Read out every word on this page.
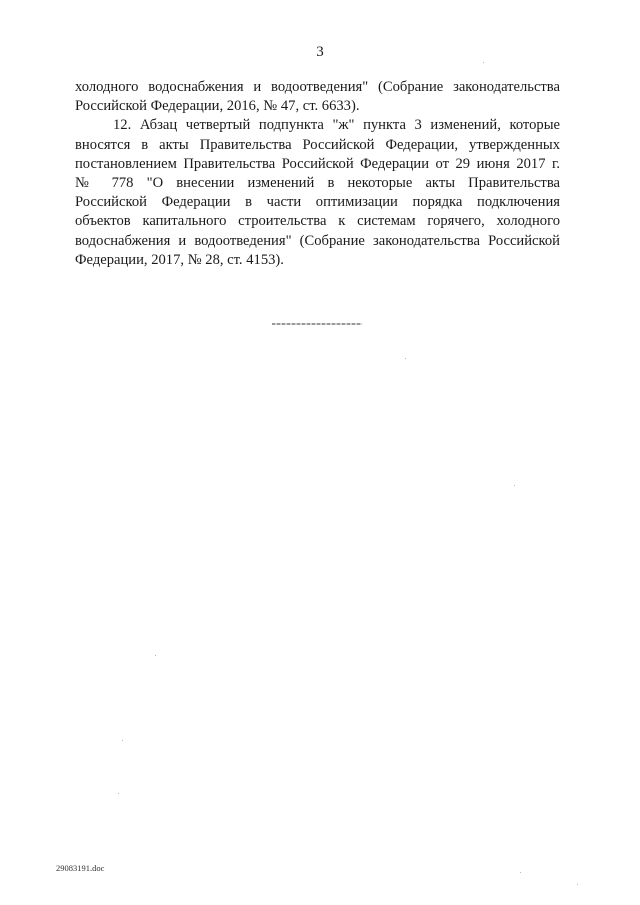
3
холодного водоснабжения и водоотведения" (Собрание законодательства
Российской Федерации, 2016, № 47, ст. 6633).
12. Абзац четвертый подпункта "ж" пункта 3 изменений, которые
вносятся в акты Правительства Российской Федерации, утвержденных
постановлением Правительства Российской Федерации от 29 июня 2017 г.
№ 778 "О внесении изменений в некоторые акты Правительства
Российской Федерации в части оптимизации порядка подключения
объектов капитального строительства к системам горячего, холодного
водоснабжения и водоотведения" (Собрание законодательства Российской
Федерации, 2017, № 28, ст. 4153).
29083191.doc
